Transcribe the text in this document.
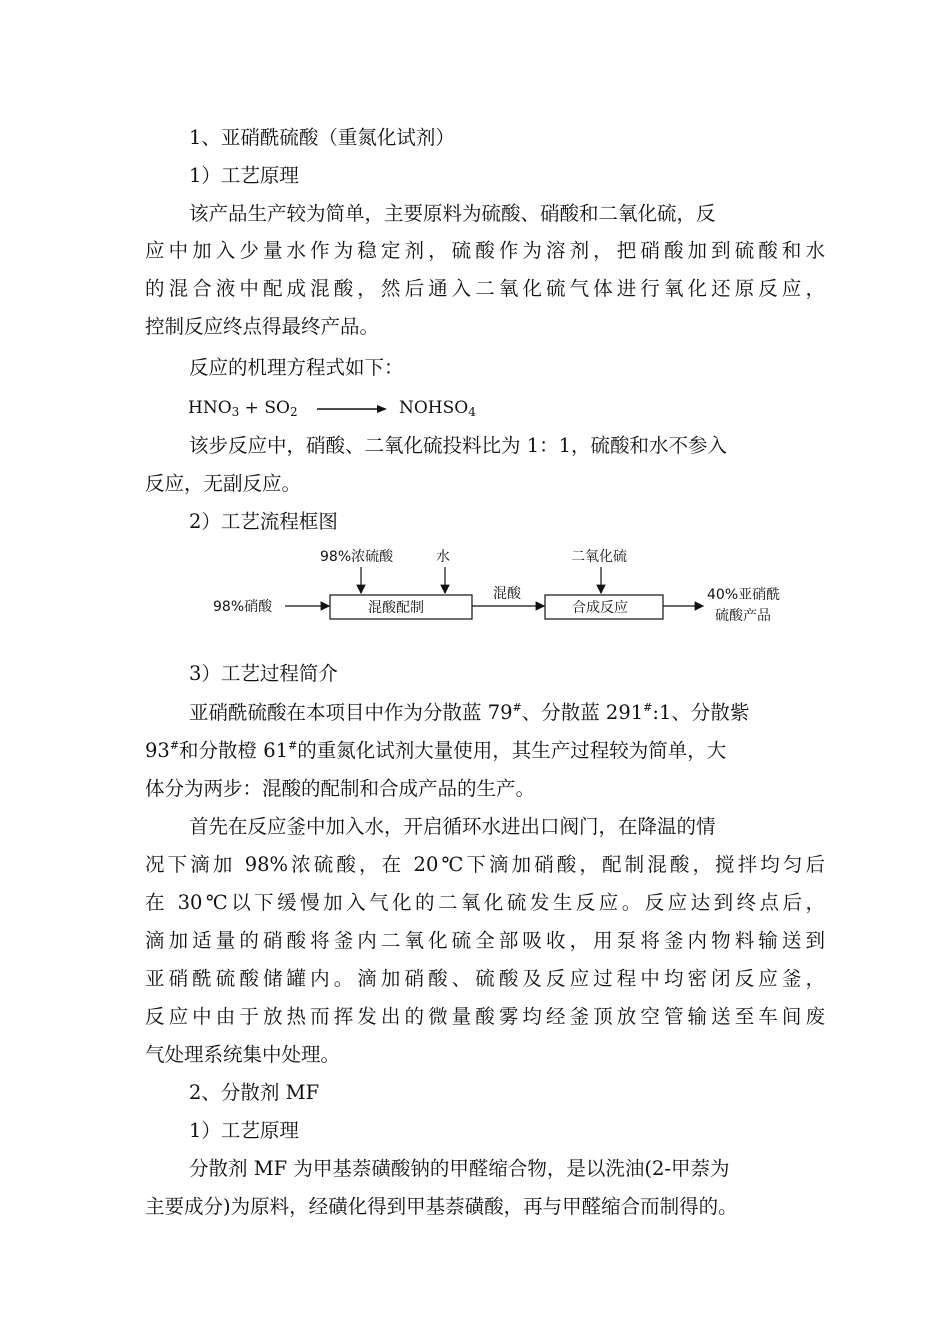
1、亚硝酰硫酸（重氮化试剂）
1）工艺原理
该产品生产较为简单，主要原料为硫酸、硝酸和二氧化硫，反
应中加入少量水作为稳定剂，硫酸作为溶剂，把硝酸加到硫酸和水
的混合液中配成混酸，然后通入二氧化硫气体进行氧化还原反应，
控制反应终点得最终产品。
反应的机理方程式如下：
$HNO_3 + SO_2$	$NOHSO_4$
该步反应中，硝酸、二氧化硫投料比为 1：1，硫酸和水不参入
反应，无副反应。
2）工艺流程框图
98%浓硫酸	水	二氧化硫
98%硝酸	混酸配制
混酸
合成反应
40%亚硝酰
硫酸产品
3）工艺过程简介
亚硝酰硫酸在本项目中作为分散蓝 79#、分散蓝 291#:1、分散紫
93#和分散橙 61#的重氮化试剂大量使用，其生产过程较为简单，大
体分为两步：混酸的配制和合成产品的生产。
首先在反应釜中加入水，开启循环水进出口阀门，在降温的情
况下滴加 98%浓硫酸，在 20℃下滴加硝酸，配制混酸，搅拌均匀后
在 30℃以下缓慢加入气化的二氧化硫发生反应。反应达到终点后，
滴加适量的硝酸将釜内二氧化硫全部吸收，用泵将釜内物料输送到
亚硝酰硫酸储罐内。滴加硝酸、硫酸及反应过程中均密闭反应釜，
反应中由于放热而挥发出的微量酸雾均经釜顶放空管输送至车间废
气处理系统集中处理。
2、分散剂 MF
1）工艺原理
分散剂 MF 为甲基萘磺酸钠的甲醛缩合物，是以洗油(2-甲萘为
主要成分)为原料，经磺化得到甲基萘磺酸，再与甲醛缩合而制得的。
